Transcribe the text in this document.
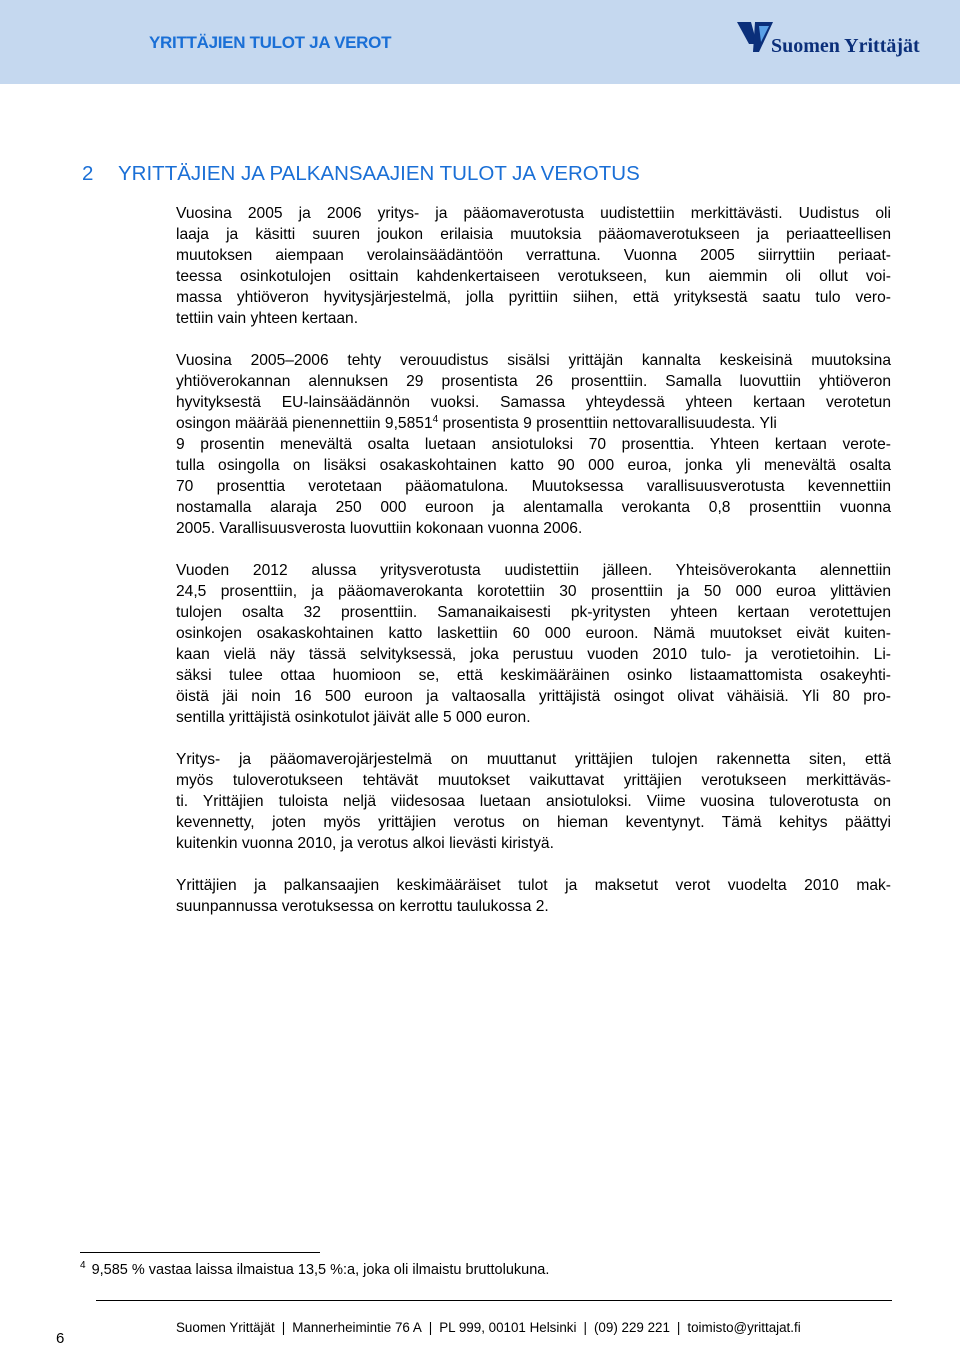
YRITTÄJIEN TULOT JA VEROT	Suomen Yrittäjät
2 YRITTÄJIEN JA PALKANSAAJIEN TULOT JA VEROTUS
Vuosina 2005 ja 2006 yritys- ja pääomaverotusta uudistettiin merkittävästi. Uudistus oli
laaja ja käsitti suuren joukon erilaisia muutoksia pääomaverotukseen ja periaatteellisen
muutoksen aiempaan verolainsäädäntöön verrattuna. Vuonna 2005 siirryttiin periaat-
teessa osinkotulojen osittain kahdenkertaiseen verotukseen, kun aiemmin oli ollut voi-
massa yhtiöveron hyvitysjärjestelmä, jolla pyrittiin siihen, että yrityksestä saatu tulo vero-
tettiin vain yhteen kertaan.
Vuosina 2005–2006 tehty verouudistus sisälsi yrittäjän kannalta keskeisinä muutoksina
yhtiöverokannan alennuksen 29 prosentista 26 prosenttiin. Samalla luovuttiin yhtiöveron
hyvityksestä EU-lainsäädännön vuoksi. Samassa yhteydessä yhteen kertaan verotetun
osingon määrää pienennettiin 9,5851$^4$ prosentista 9 prosenttiin nettovarallisuudesta. Yli
9 prosentin menevältä osalta luetaan ansiotuloksi 70 prosenttia. Yhteen kertaan verote-
tulla osingolla on lisäksi osakaskohtainen katto 90 000 euroa, jonka yli menevältä osalta
70 prosenttia verotetaan pääomatulona. Muutoksessa varallisuusverotusta kevennettiin
nostamalla alaraja 250 000 euroon ja alentamalla verokanta 0,8 prosenttiin vuonna
2005. Varallisuusverosta luovuttiin kokonaan vuonna 2006.
Vuoden 2012 alussa yritysverotusta uudistettiin jälleen. Yhteisöverokanta alennettiin
24,5 prosenttiin, ja pääomaverokanta korotettiin 30 prosenttiin ja 50 000 euroa ylittävien
tulojen osalta 32 prosenttiin. Samanaikaisesti pk-yritysten yhteen kertaan verotettujen
osinkojen osakaskohtainen katto laskettiin 60 000 euroon. Nämä muutokset eivät kuiten-
kaan vielä näy tässä selvityksessä, joka perustuu vuoden 2010 tulo- ja verotietoihin. Li-
säksi tulee ottaa huomioon se, että keskimääräinen osinko listaamattomista osakeyhti-
öistä jäi noin 16 500 euroon ja valtaosalla yrittäjistä osingot olivat vähäisiä. Yli 80 pro-
sentilla yrittäjistä osinkotulot jäivät alle 5 000 euron.
Yritys- ja pääomaverojärjestelmä on muuttanut yrittäjien tulojen rakennetta siten, että
myös tuloverotukseen tehtävät muutokset vaikuttavat yrittäjien verotukseen merkittäväs-
ti. Yrittäjien tuloista neljä viidesosaa luetaan ansiotuloksi. Viime vuosina tuloverotusta on
kevennetty, joten myös yrittäjien verotus on hieman keventynyt. Tämä kehitys päättyi
kuitenkin vuonna 2010, ja verotus alkoi lievästi kiristyä.
Yrittäjien ja palkansaajien keskimääräiset tulot ja maksetut verot vuodelta 2010 mak-
suunpannussa verotuksessa on kerrottu taulukossa 2.
$^4$ 9,585 % vastaa laissa ilmaistua 13,5 %:a, joka oli ilmaistu bruttolukuna.
6
Suomen Yrittäjät | Mannerheimintie 76 A | PL 999, 00101 Helsinki | (09) 229 221 | toimisto@yrittajat.fi
